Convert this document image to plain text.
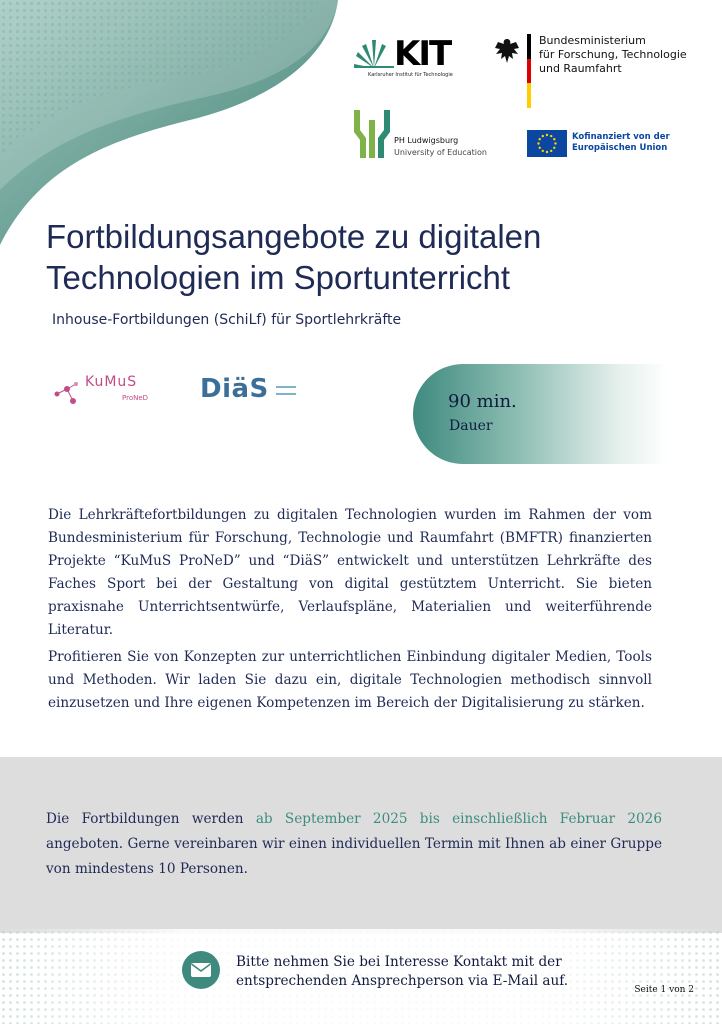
KIT
Karlsruher Institut für Technologie
Bundesministerium
für Forschung, Technologie
und Raumfahrt
PH Ludwigsburg
University of Education
Kofinanziert von der
Europäischen Union
Fortbildungsangebote zu digitalen
Technologien im Sportunterricht
Inhouse-Fortbildungen (SchiLf) für Sportlehrkräfte
KuMuS
ProNeD DiäS	90 min.
Dauer

Die Lehrkräftefortbildungen zu digitalen Technologien wurden im Rahmen der vom Bundesministerium für Forschung, Technologie und Raumfahrt (BMFTR) finanzierten Projekte “KuMuS ProNeD” und “DiäS” entwickelt und unterstützen Lehrkräfte des Faches Sport bei der Gestaltung von digital gestütztem Unterricht. Sie bieten praxisnahe Unterrichtsentwürfe, Verlaufspläne, Materialien und weiterführende Literatur.

Profitieren Sie von Konzepten zur unterrichtlichen Einbindung digitaler Medien, Tools und Methoden. Wir laden Sie dazu ein, digitale Technologien methodisch sinnvoll einzusetzen und Ihre eigenen Kompetenzen im Bereich der Digitalisierung zu stärken.

Die Fortbildungen werden ab September 2025 bis einschließlich Februar 2026 angeboten. Gerne vereinbaren wir einen individuellen Termin mit Ihnen ab einer Gruppe von mindestens 10 Personen.

Bitte nehmen Sie bei Interesse Kontakt mit der
entsprechenden Ansprechperson via E-Mail auf.
Seite 1 von 2
